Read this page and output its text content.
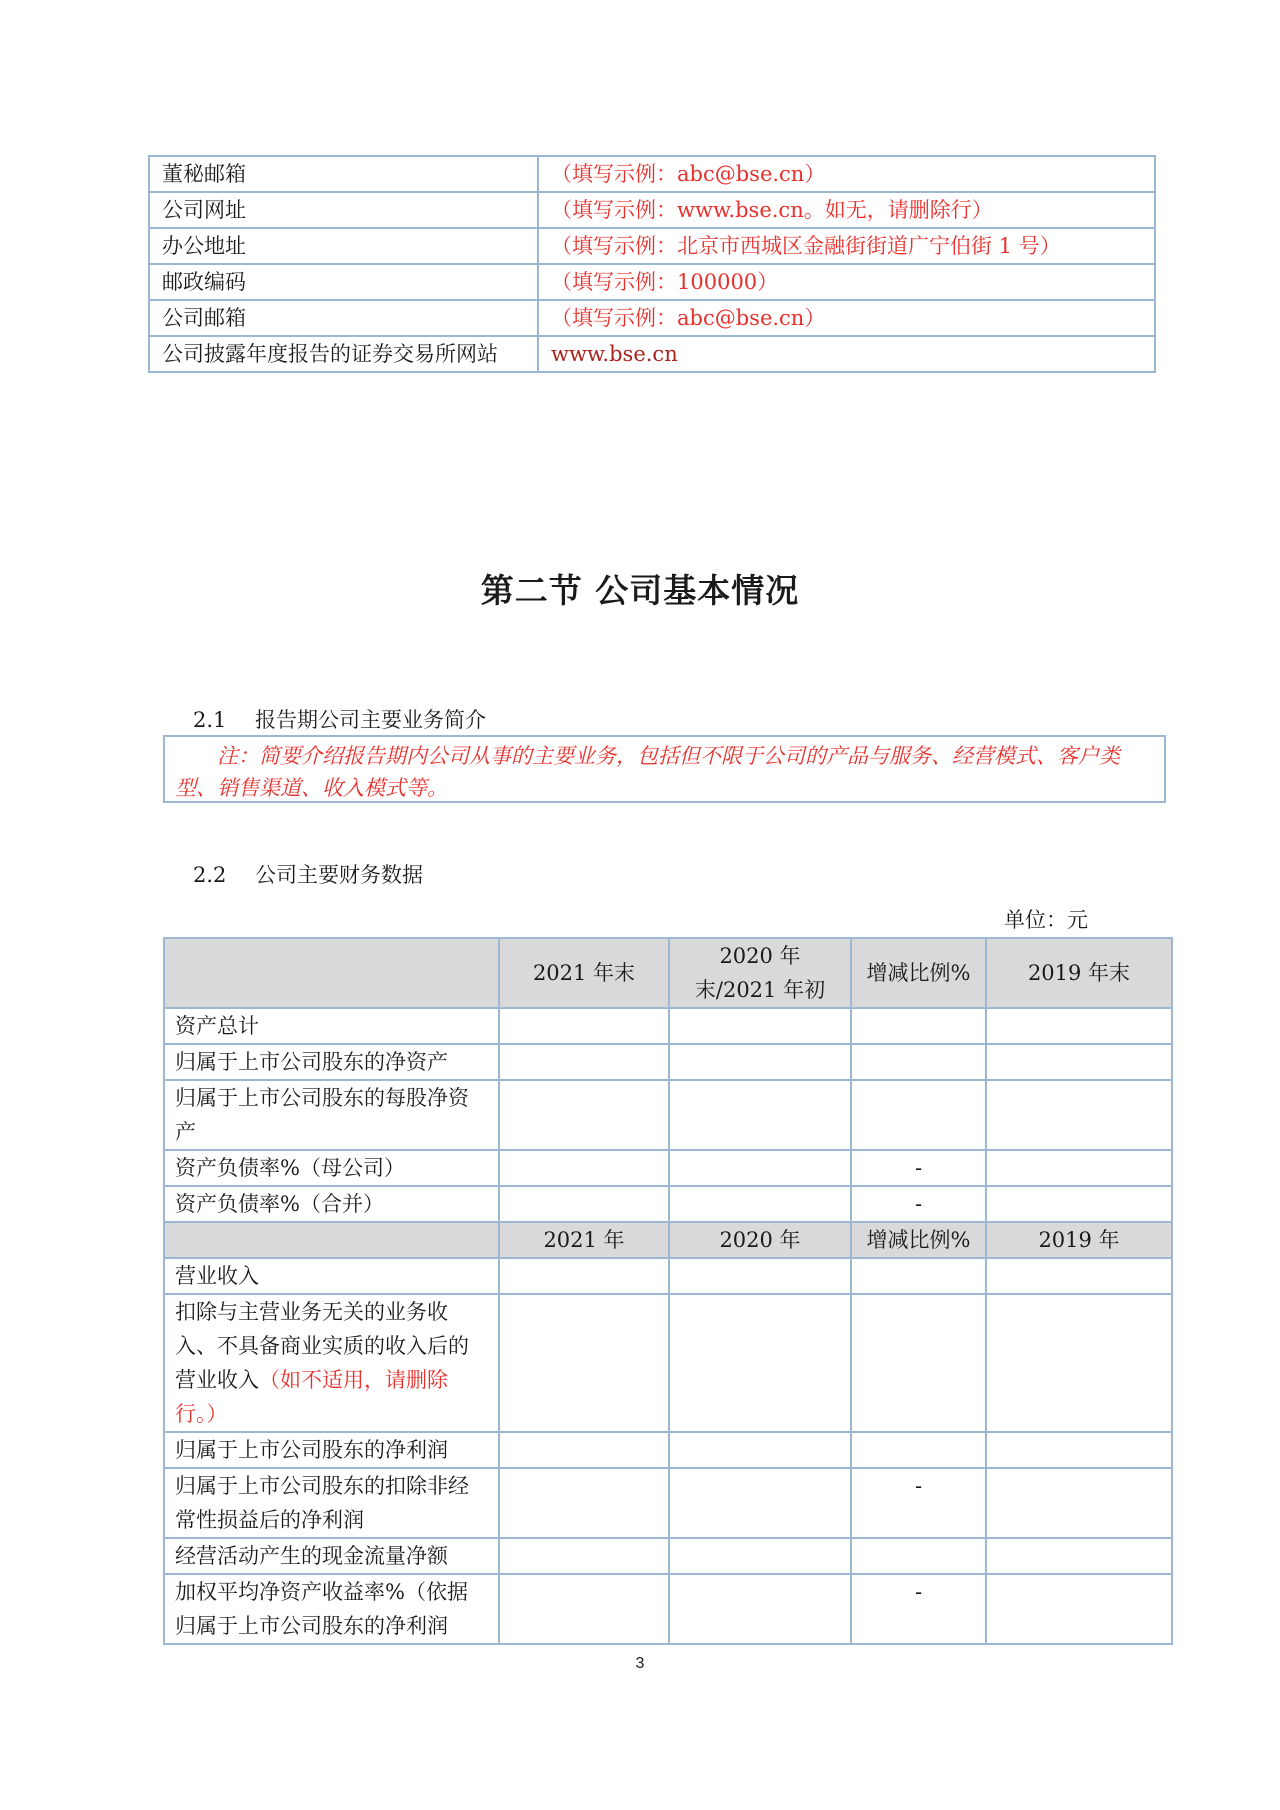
董秘邮箱	（填写示例：abc@bse.cn）
公司网址	（填写示例：www.bse.cn。如无，请删除行）
办公地址	（填写示例：北京市西城区金融街街道广宁伯街 1 号）
邮政编码	（填写示例：100000）
公司邮箱	（填写示例：abc@bse.cn）
公司披露年度报告的证券交易所网站	www.bse.cn
第二节 公司基本情况
2.1 报告期公司主要业务简介
注：简要介绍报告期内公司从事的主要业务，包括但不限于公司的产品与服务、经营模式、客户类型、销售渠道、收入模式等。
2.2 公司主要财务数据
单位：元
	2021 年末	2020 年末/2021 年初	增减比例%	2019 年末
资产总计				
归属于上市公司股东的净资产				
归属于上市公司股东的每股净资产				
资产负债率%（母公司）			-	
资产负债率%（合并）			-	
	2021 年	2020 年	增减比例%	2019 年
营业收入				
扣除与主营业务无关的业务收入、不具备商业实质的收入后的营业收入（如不适用，请删除行。）				
归属于上市公司股东的净利润				
归属于上市公司股东的扣除非经常性损益后的净利润			-	
经营活动产生的现金流量净额				
加权平均净资产收益率%（依据归属于上市公司股东的净利润			-	
3
